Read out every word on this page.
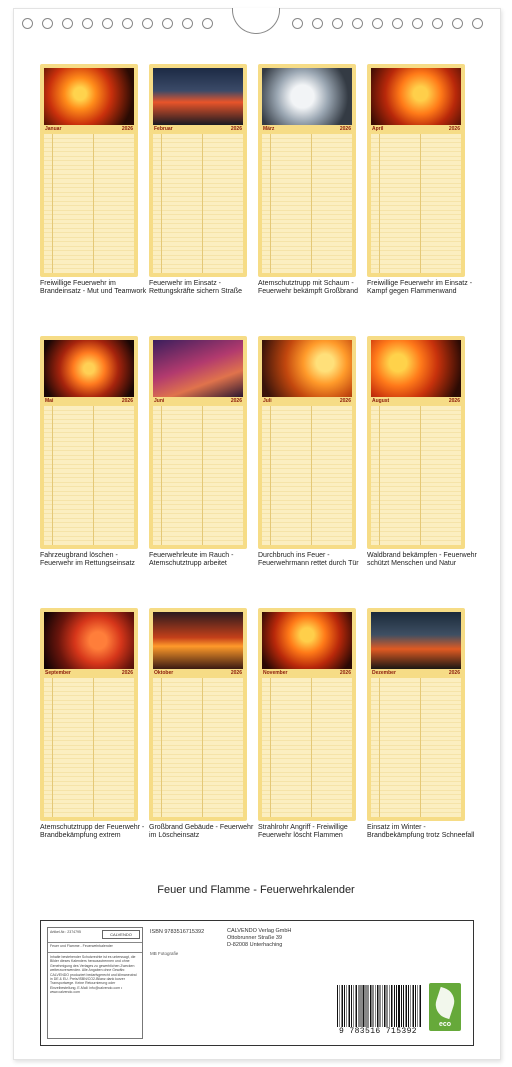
Januar	2026
Freiwillige Feuerwehr im Brandeinsatz - Mut und Teamwork
Februar	2026
Feuerwehr im Einsatz - Rettungskräfte sichern Straße
März	2026
Atemschutztrupp mit Schaum - Feuerwehr bekämpft Großbrand
April	2026
Freiwillige Feuerwehr im Einsatz - Kampf gegen Flammenwand
Mai	2026
Fahrzeugbrand löschen - Feuerwehr im Rettungseinsatz
Juni	2026
Feuerwehrleute im Rauch - Atemschutztrupp arbeitet
Juli	2026
Durchbruch ins Feuer - Feuerwehrmann rettet durch Tür
August	2026
Waldbrand bekämpfen - Feuerwehr schützt Menschen und Natur
September	2026
Atemschutztrupp der Feuerwehr - Brandbekämpfung extrem
Oktober	2026
Großbrand Gebäude - Feuerwehr im Löscheinsatz
November	2026
Strahlrohr Angriff - Freiwillige Feuerwehr löscht Flammen
Dezember	2026
Einsatz im Winter - Brandbekämpfung trotz Schneefall
Feuer und Flamme - Feuerwehrkalender
Artikel-Nr.: 2374795	CALVENDO
Feuer und Flamme - Feuerwehrkalender
Inhalte bestehender Schutzrechte ist es unterssagt, die Bilder dieses Kalenders herauszutrennen und ohne Genehmigung des Verlages zu gewerblichen Zwecken weiterzuverwenden. Alle Angaben ohne Gewähr. CALVENDO produziert bedarfsgerecht und klimaneutral in DE & EU. Preis/ISBN/CO2-Bilanz dank kurzer Transportwege. Keine Retournierung oder Einzelbestellung. E-Mail: info@calvendo.com • www.calvendo.com
ISBN 9783516715392
MB Fotografie
CALVENDO Verlag GmbH
Ottobrunner Straße 39
D-82008 Unterhaching
9 783516 715392
eco
